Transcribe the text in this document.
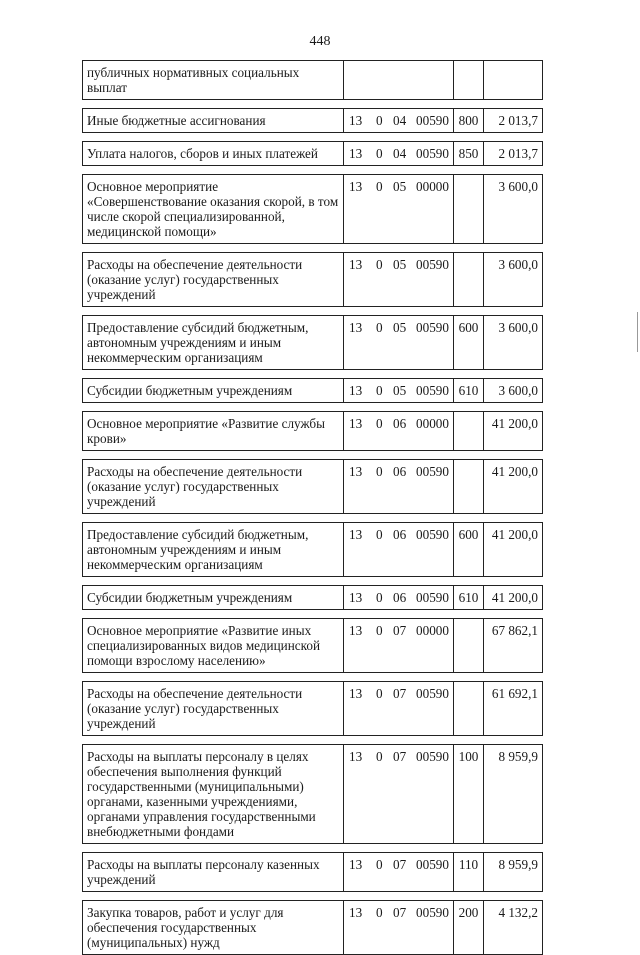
448
публичных нормативных социальных выплат			

Иные бюджетные ассигнования	13 0 04 00590	800	2 013,7

Уплата налогов, сборов и иных платежей	13 0 04 00590	850	2 013,7

Основное мероприятие «Совершенствование оказания скорой, в том числе скорой специализированной, медицинской помощи»	13 0 05 00000		3 600,0

Расходы на обеспечение деятельности (оказание услуг) государственных учреждений	13 0 05 00590		3 600,0

Предоставление субсидий бюджетным, автономным учреждениям и иным некоммерческим организациям	13 0 05 00590	600	3 600,0

Субсидии бюджетным учреждениям	13 0 05 00590	610	3 600,0

Основное мероприятие «Развитие службы крови»	13 0 06 00000		41 200,0

Расходы на обеспечение деятельности (оказание услуг) государственных учреждений	13 0 06 00590		41 200,0

Предоставление субсидий бюджетным, автономным учреждениям и иным некоммерческим организациям	13 0 06 00590	600	41 200,0

Субсидии бюджетным учреждениям	13 0 06 00590	610	41 200,0

Основное мероприятие «Развитие иных специализированных видов медицинской помощи взрослому населению»	13 0 07 00000		67 862,1

Расходы на обеспечение деятельности (оказание услуг) государственных учреждений	13 0 07 00590		61 692,1

Расходы на выплаты персоналу в целях обеспечения выполнения функций государственными (муниципальными) органами, казенными учреждениями, органами управления государственными внебюджетными фондами	13 0 07 00590	100	8 959,9

Расходы на выплаты персоналу казенных учреждений	13 0 07 00590	110	8 959,9

Закупка товаров, работ и услуг для обеспечения государственных (муниципальных) нужд	13 0 07 00590	200	4 132,2
